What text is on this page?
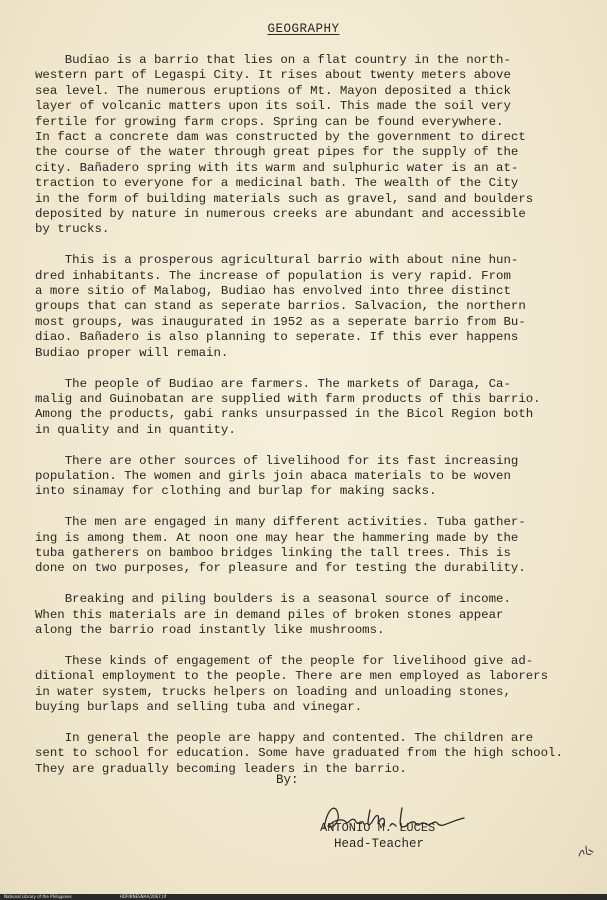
GEOGRAPHY

Budiao is a barrio that lies on a flat country in the north-
western part of Legaspi City. It rises about twenty meters above
sea level. The numerous eruptions of Mt. Mayon deposited a thick
layer of volcanic matters upon its soil. This made the soil very
fertile for growing farm crops. Spring can be found everywhere.
In fact a concrete dam was constructed by the government to direct
the course of the water through great pipes for the supply of the
city. Bañadero spring with its warm and sulphuric water is an at-
traction to everyone for a medicinal bath. The wealth of the City
in the form of building materials such as gravel, sand and boulders
deposited by nature in numerous creeks are abundant and accessible
by trucks.

This is a prosperous agricultural barrio with about nine hun-
dred inhabitants. The increase of population is very rapid. From
a more sitio of Malabog, Budiao has envolved into three distinct
groups that can stand as seperate barrios. Salvacion, the northern
most groups, was inaugurated in 1952 as a seperate barrio from Bu-
diao. Bañadero is also planning to seperate. If this ever happens
Budiao proper will remain.

The people of Budiao are farmers. The markets of Daraga, Ca-
malig and Guinobatan are supplied with farm products of this barrio.
Among the products, gabi ranks unsurpassed in the Bicol Region both
in quality and in quantity.

There are other sources of livelihood for its fast increasing
population. The women and girls join abaca materials to be woven
into sinamay for clothing and burlap for making sacks.

The men are engaged in many different activities. Tuba gather-
ing is among them. At noon one may hear the hammering made by the
tuba gatherers on bamboo bridges linking the tall trees. This is
done on two purposes, for pleasure and for testing the durability.

Breaking and piling boulders is a seasonal source of income.
When this materials are in demand piles of broken stones appear
along the barrio road instantly like mushrooms.

These kinds of engagement of the people for livelihood give ad-
ditional employment to the people. There are men employed as laborers
in water system, trucks helpers on loading and unloading stones,
buying burlaps and selling tuba and vinegar.

In general the people are happy and contented. The children are
sent to school for education. Some have graduated from the high school.
They are gradually becoming leaders in the barrio.

By:
ANTONIO M. LUCES
Head-Teacher
National Library of the Philippines	HDP/BNESNAA/2067.tif
